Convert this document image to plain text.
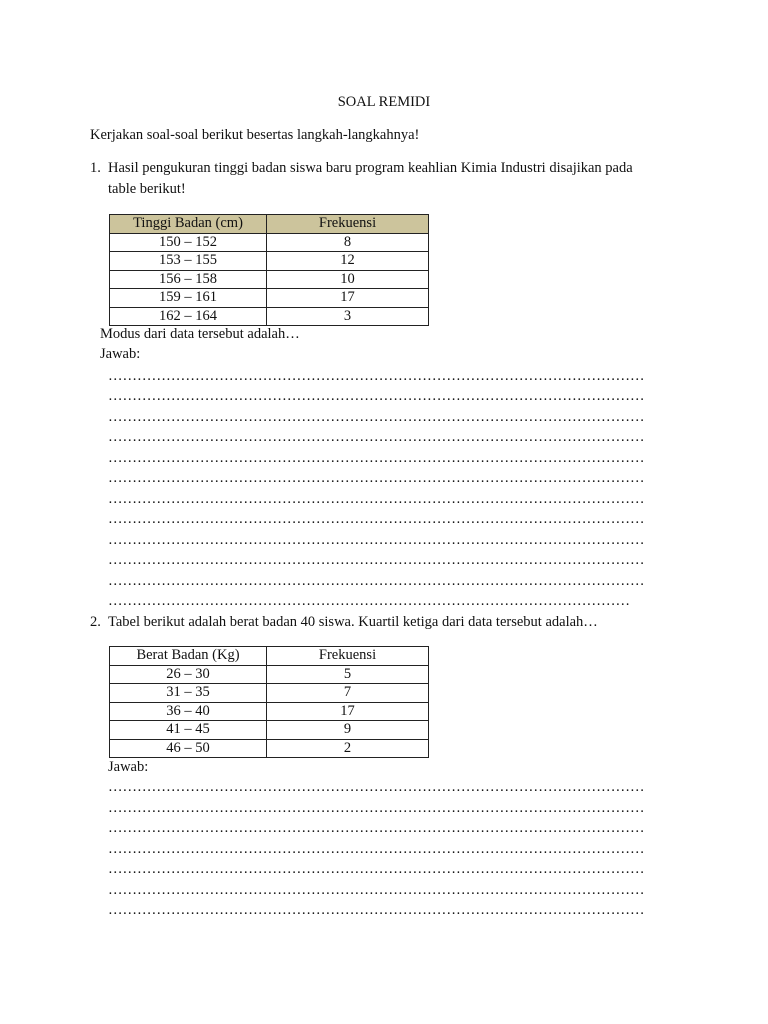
SOAL REMIDI
Kerjakan soal-soal berikut besertas langkah-langkahnya!
1. Hasil pengukuran tinggi badan siswa baru program keahlian Kimia Industri disajikan pada
table berikut!
Tinggi Badan (cm)	Frekuensi
150 – 152	8
153 – 155	12
156 – 158	10
159 – 161	17
162 – 164	3
Modus dari data tersebut adalah…
Jawab:
…………………………………………………………………………………………………
…………………………………………………………………………………………………
…………………………………………………………………………………………………
…………………………………………………………………………………………………
…………………………………………………………………………………………………
…………………………………………………………………………………………………
…………………………………………………………………………………………………
…………………………………………………………………………………………………
…………………………………………………………………………………………………
…………………………………………………………………………………………………
…………………………………………………………………………………………………
………………………………………………………………………………………………
2. Tabel berikut adalah berat badan 40 siswa. Kuartil ketiga dari data tersebut adalah…
Berat Badan (Kg)	Frekuensi
26 – 30	5
31 – 35	7
36 – 40	17
41 – 45	9
46 – 50	2
Jawab:
…………………………………………………………………………………………………
…………………………………………………………………………………………………
…………………………………………………………………………………………………
…………………………………………………………………………………………………
…………………………………………………………………………………………………
…………………………………………………………………………………………………
…………………………………………………………………………………………………
